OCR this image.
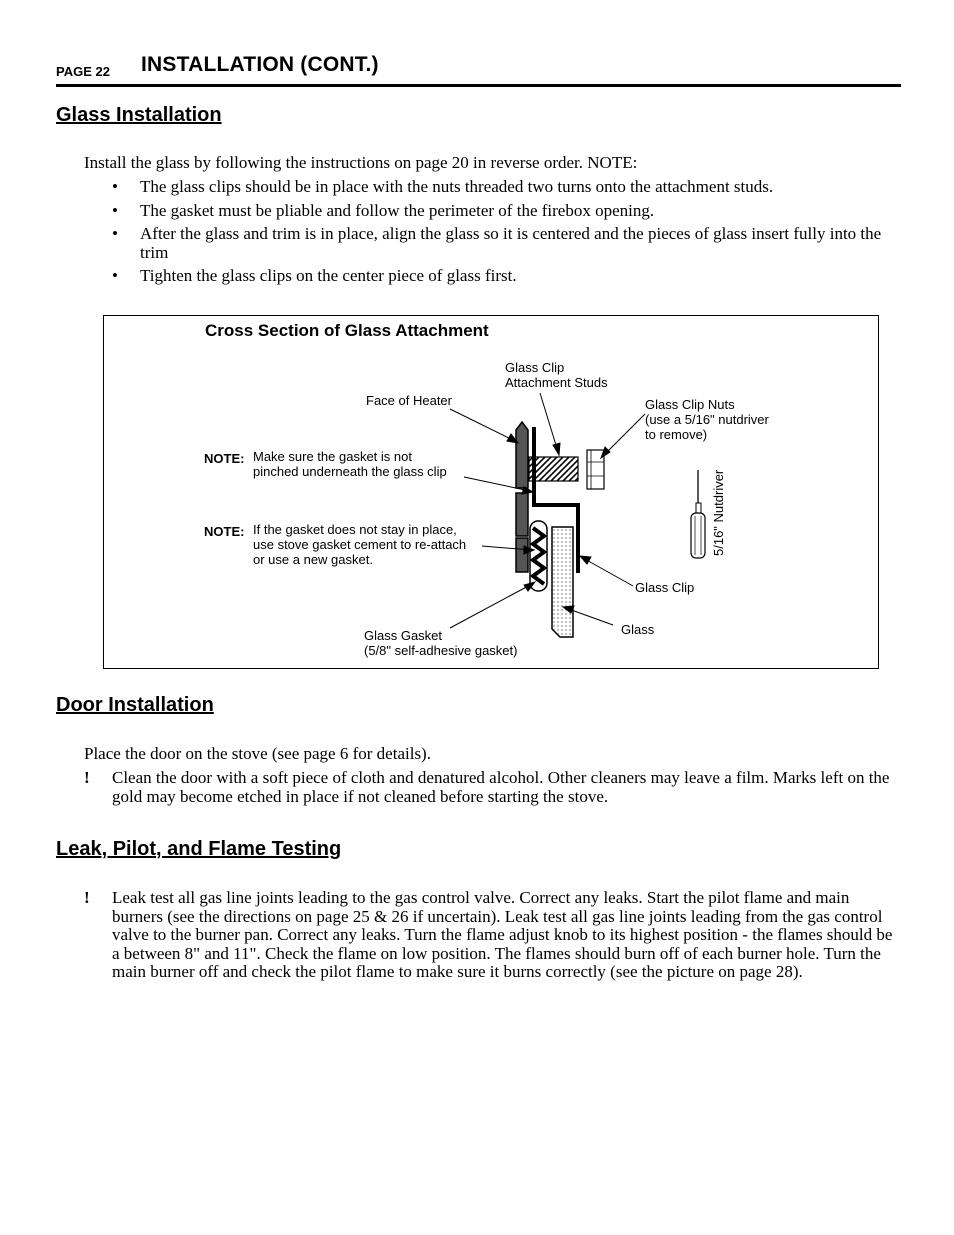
PAGE 22 INSTALLATION (CONT.)
Glass Installation
Install the glass by following the instructions on page 20 in reverse order. NOTE:
• The glass clips should be in place with the nuts threaded two turns onto the attachment studs.
• The gasket must be pliable and follow the perimeter of the firebox opening.
• After the glass and trim is in place, align the glass so it is centered and the pieces of glass insert fully into the trim
• Tighten the glass clips on the center piece of glass first.
Cross Section of Glass Attachment
Glass Clip
Attachment Studs
Face of Heater	Glass Clip Nuts
(use a 5/16" nutdriver
to remove)
5/16" Nutdriver
NOTE: Make sure the gasket is not
pinched underneath the glass clip
NOTE: If the gasket does not stay in place,
use stove gasket cement to re-attach
or use a new gasket.
Glass Clip
Glass
Glass Gasket
(5/8" self-adhesive gasket)
Door Installation
Place the door on the stove (see page 6 for details).
! Clean the door with a soft piece of cloth and denatured alcohol. Other cleaners may leave a film. Marks left on the gold may become etched in place if not cleaned before starting the stove.
Leak, Pilot, and Flame Testing
! Leak test all gas line joints leading to the gas control valve. Correct any leaks. Start the pilot flame and main burners (see the directions on page 25 & 26 if uncertain). Leak test all gas line joints leading from the gas control valve to the burner pan. Correct any leaks. Turn the flame adjust knob to its highest position - the flames should be a between 8" and 11". Check the flame on low position. The flames should burn off of each burner hole. Turn the main burner off and check the pilot flame to make sure it burns correctly (see the picture on page 28).
